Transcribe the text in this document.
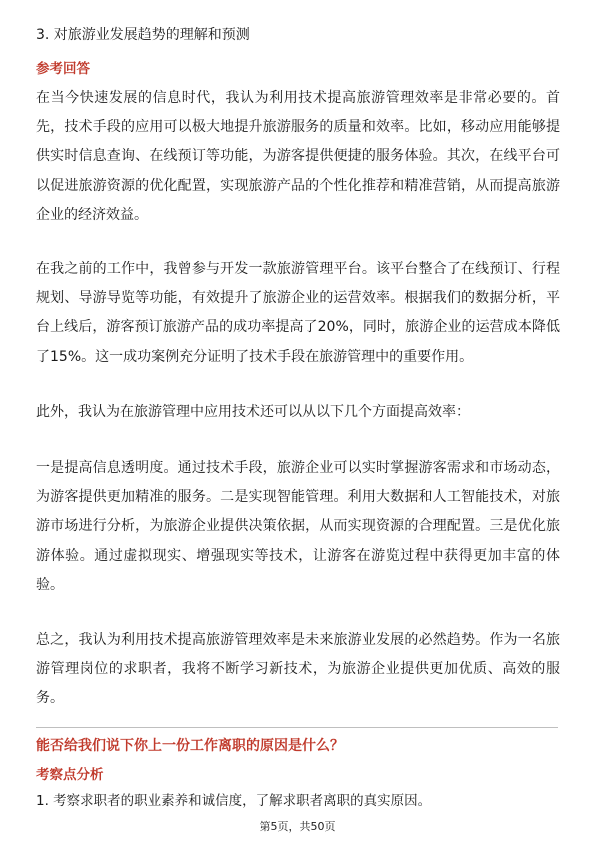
3. 对旅游业发展趋势的理解和预测
参考回答

在当今快速发展的信息时代，我认为利用技术提高旅游管理效率是非常必要的。首先，技术手段的应用可以极大地提升旅游服务的质量和效率。比如，移动应用能够提供实时信息查询、在线预订等功能，为游客提供便捷的服务体验。其次，在线平台可以促进旅游资源的优化配置，实现旅游产品的个性化推荐和精准营销，从而提高旅游企业的经济效益。

在我之前的工作中，我曾参与开发一款旅游管理平台。该平台整合了在线预订、行程规划、导游导览等功能，有效提升了旅游企业的运营效率。根据我们的数据分析，平台上线后，游客预订旅游产品的成功率提高了20%，同时，旅游企业的运营成本降低了15%。这一成功案例充分证明了技术手段在旅游管理中的重要作用。

此外，我认为在旅游管理中应用技术还可以从以下几个方面提高效率：

一是提高信息透明度。通过技术手段，旅游企业可以实时掌握游客需求和市场动态，为游客提供更加精准的服务。二是实现智能管理。利用大数据和人工智能技术，对旅游市场进行分析，为旅游企业提供决策依据，从而实现资源的合理配置。三是优化旅游体验。通过虚拟现实、增强现实等技术，让游客在游览过程中获得更加丰富的体验。

总之，我认为利用技术提高旅游管理效率是未来旅游业发展的必然趋势。作为一名旅游管理岗位的求职者，我将不断学习新技术，为旅游企业提供更加优质、高效的服务。

能否给我们说下你上一份工作离职的原因是什么？
考察点分析
1. 考察求职者的职业素养和诚信度，了解求职者离职的真实原因。
第5页，共50页
